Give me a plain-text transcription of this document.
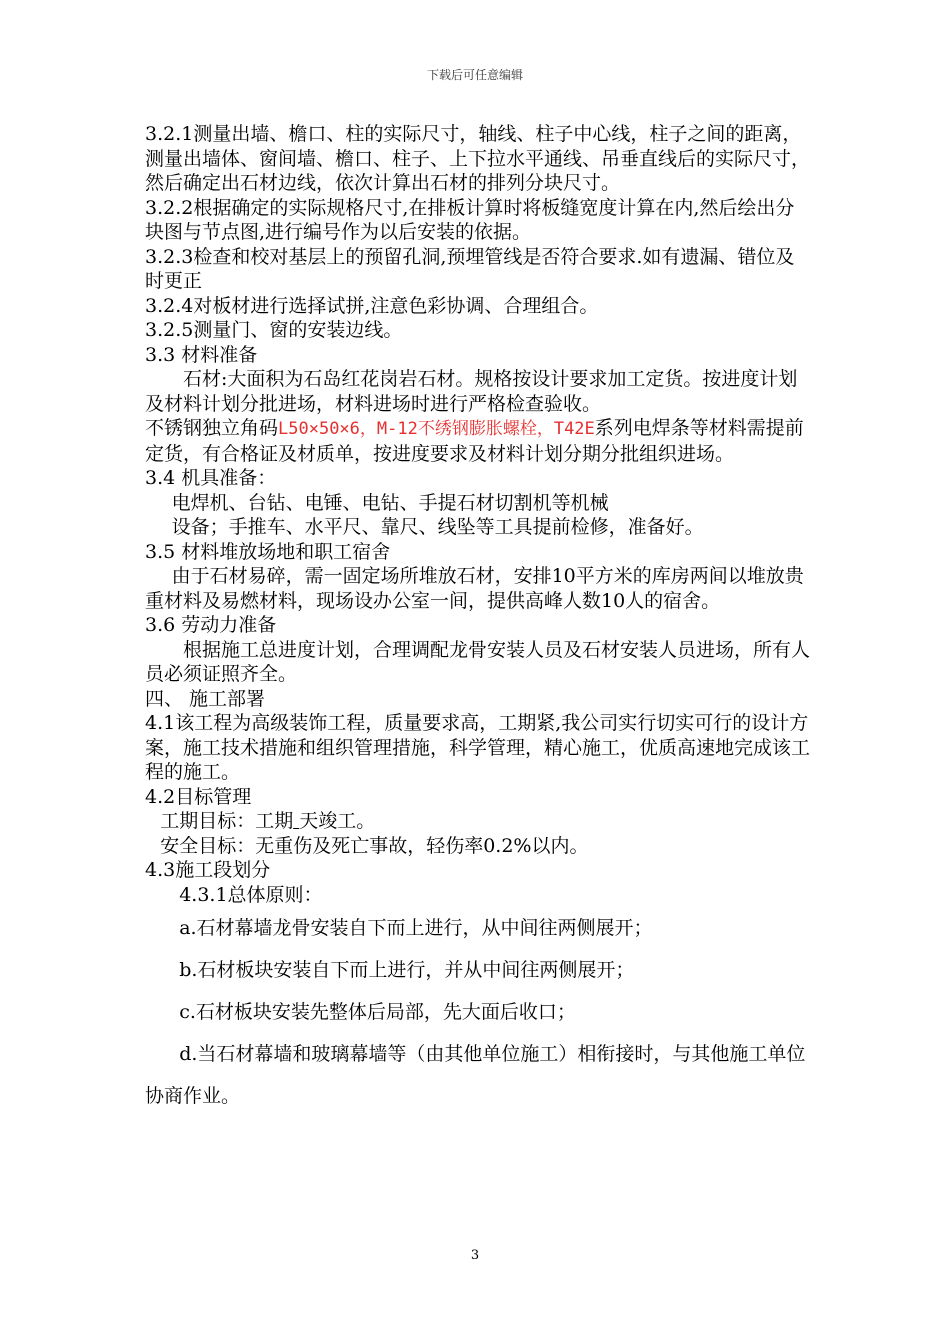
下载后可任意编辑

3.2.1测量出墙、檐口、柱的实际尺寸，轴线、柱子中心线，柱子之间的距离，测量出墙体、窗间墙、檐口、柱子、上下拉水平通线、吊垂直线后的实际尺寸，然后确定出石材边线，依次计算出石材的排列分块尺寸。

3.2.2根据确定的实际规格尺寸,在排板计算时将板缝宽度计算在内,然后绘出分块图与节点图,进行编号作为以后安装的依据。

3.2.3检查和校对基层上的预留孔洞,预埋管线是否符合要求.如有遗漏、错位及时更正

3.2.4对板材进行选择试拼,注意色彩协调、合理组合。

3.2.5测量门、窗的安装边线。

3.3 材料准备

石材:大面积为石岛红花岗岩石材。规格按设计要求加工定货。按进度计划及材料计划分批进场，材料进场时进行严格检查验收。

不锈钢独立角码L50×50×6，M-12不绣钢膨胀螺栓，T42E系列电焊条等材料需提前定货，有合格证及材质单，按进度要求及材料计划分期分批组织进场。

3.4 机具准备：

电焊机、台钻、电锤、电钻、手提石材切割机等机械

设备；手推车、水平尺、靠尺、线坠等工具提前检修，准备好。

3.5 材料堆放场地和职工宿舍

由于石材易碎，需一固定场所堆放石材，安排10平方米的库房两间以堆放贵重材料及易燃材料，现场设办公室一间，提供高峰人数10人的宿舍。

3.6 劳动力准备

根据施工总进度计划，合理调配龙骨安装人员及石材安装人员进场，所有人员必须证照齐全。

四、 施工部署

4.1该工程为高级装饰工程，质量要求高，工期紧,我公司实行切实可行的设计方案，施工技术措施和组织管理措施，科学管理，精心施工，优质高速地完成该工程的施工。

4.2目标管理

工期目标：工期 天竣工。

安全目标：无重伤及死亡事故，轻伤率0.2%以内。

4.3施工段划分

4.3.1总体原则：

a.石材幕墙龙骨安装自下而上进行，从中间往两侧展开；

b.石材板块安装自下而上进行，并从中间往两侧展开；

c.石材板块安装先整体后局部，先大面后收口；

d.当石材幕墙和玻璃幕墙等（由其他单位施工）相衔接时，与其他施工单位协商作业。

3
